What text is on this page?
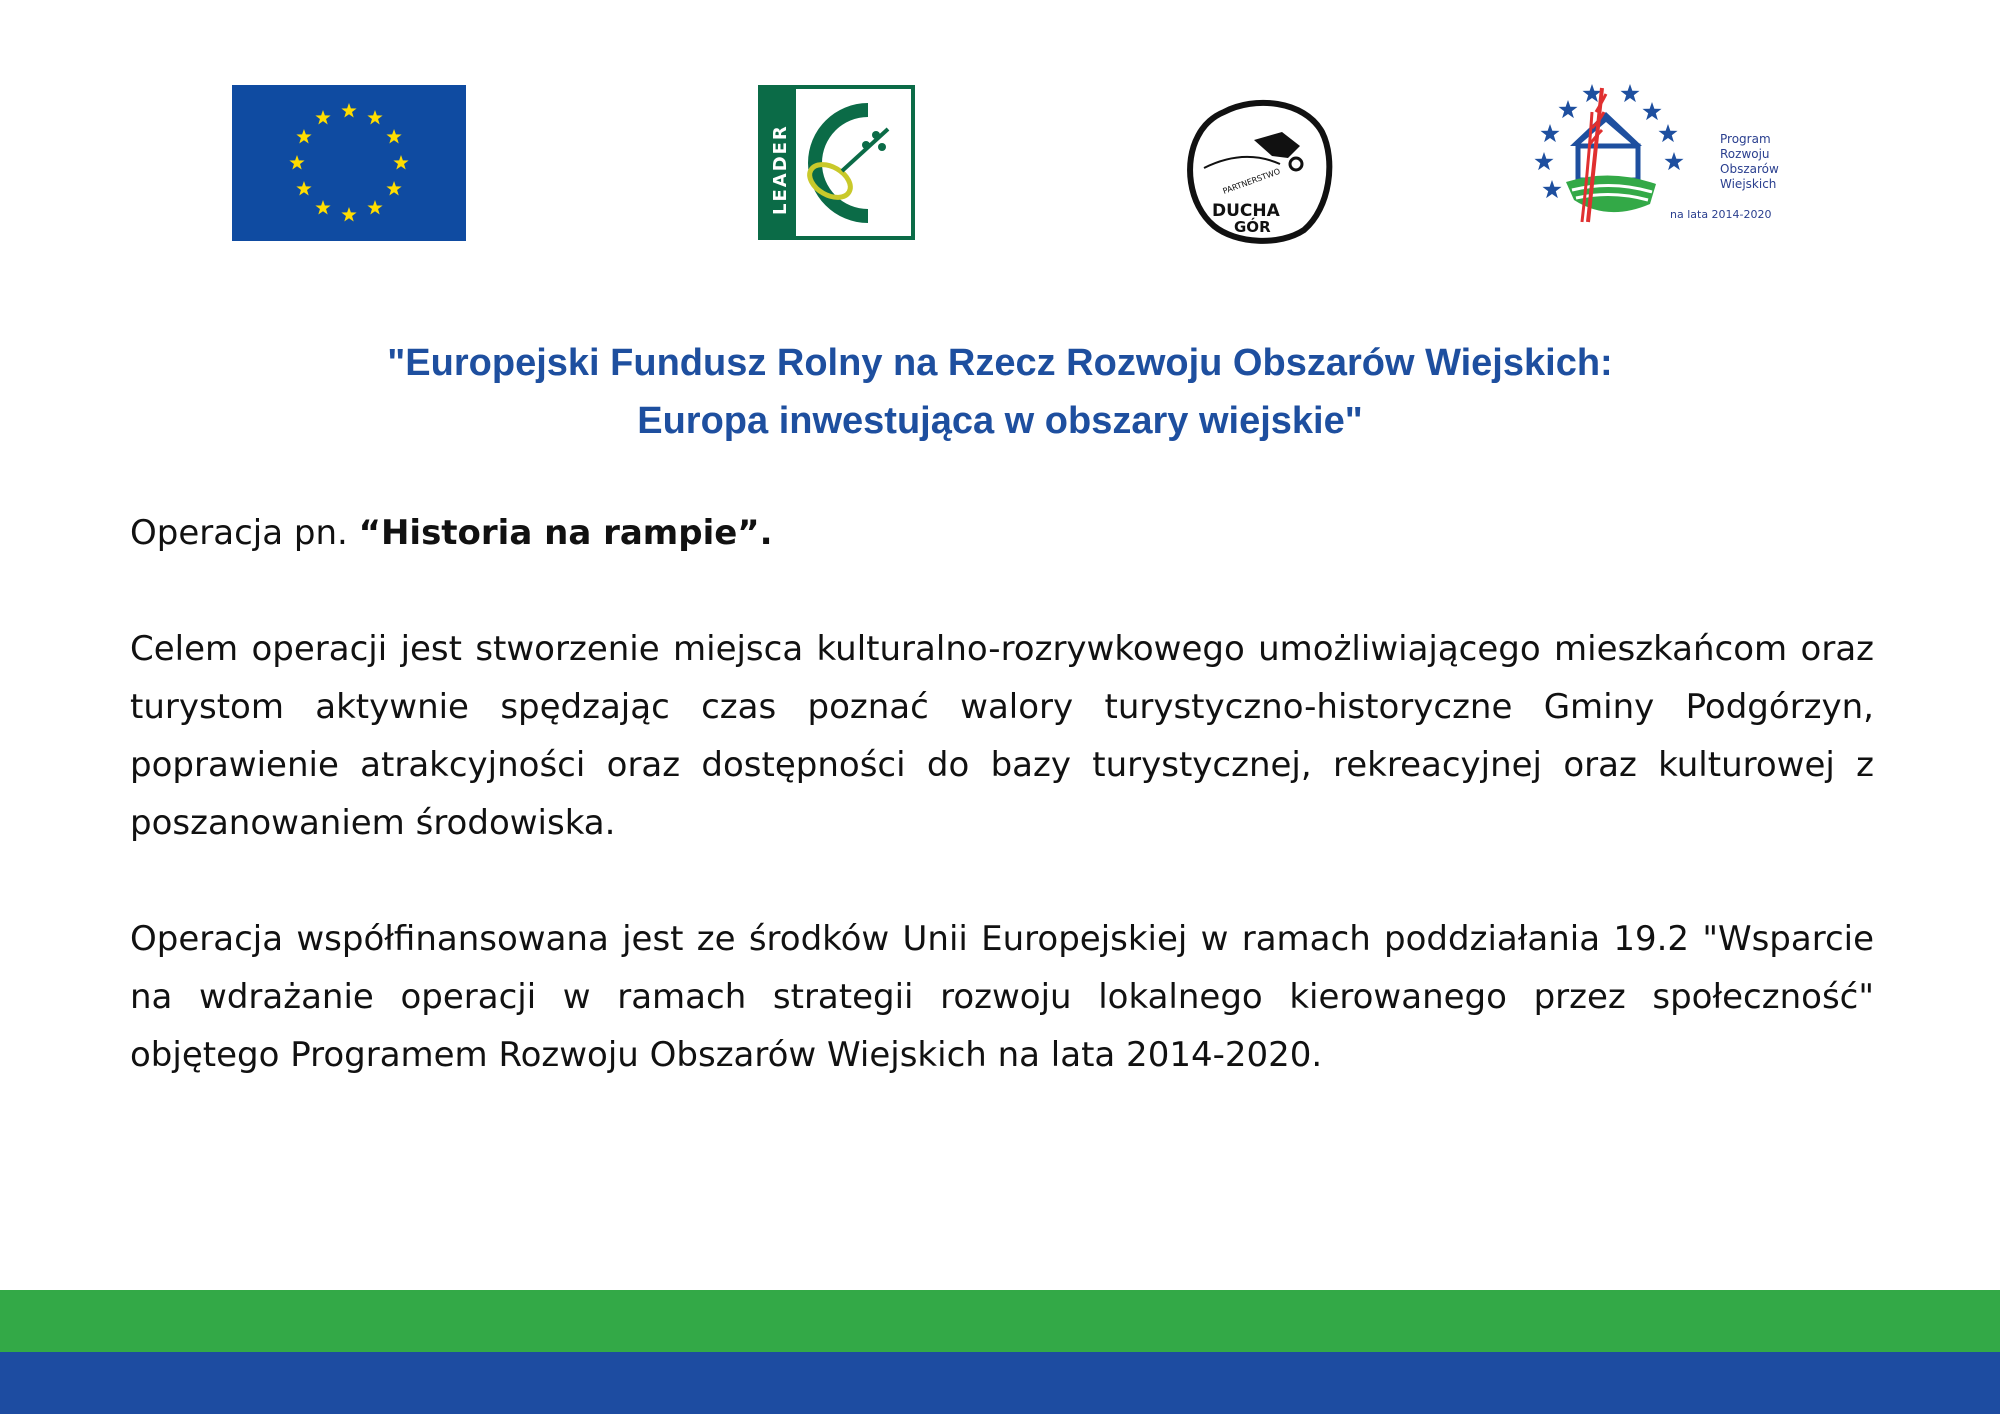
LEADER	PARTNERSTWO
DUCHA
GÓR
Program
Rozwoju
Obszarów
Wiejskich
na lata 2014-2020
"Europejski Fundusz Rolny na Rzecz Rozwoju Obszarów Wiejskich:
Europa inwestująca w obszary wiejskie"
Operacja pn. “Historia na rampie”.
Celem operacji jest stworzenie miejsca kulturalno-rozrywkowego umożliwiającego mieszkańcom oraz turystom aktywnie spędzając czas poznać walory turystyczno-historyczne Gminy Podgórzyn, poprawienie atrakcyjności oraz dostępności do bazy turystycznej, rekreacyjnej oraz kulturowej z poszanowaniem środowiska.
Operacja współfinansowana jest ze środków Unii Europejskiej w ramach poddziałania 19.2 "Wsparcie na wdrażanie operacji w ramach strategii rozwoju lokalnego kierowanego przez społeczność" objętego Programem Rozwoju Obszarów Wiejskich na lata 2014-2020.
